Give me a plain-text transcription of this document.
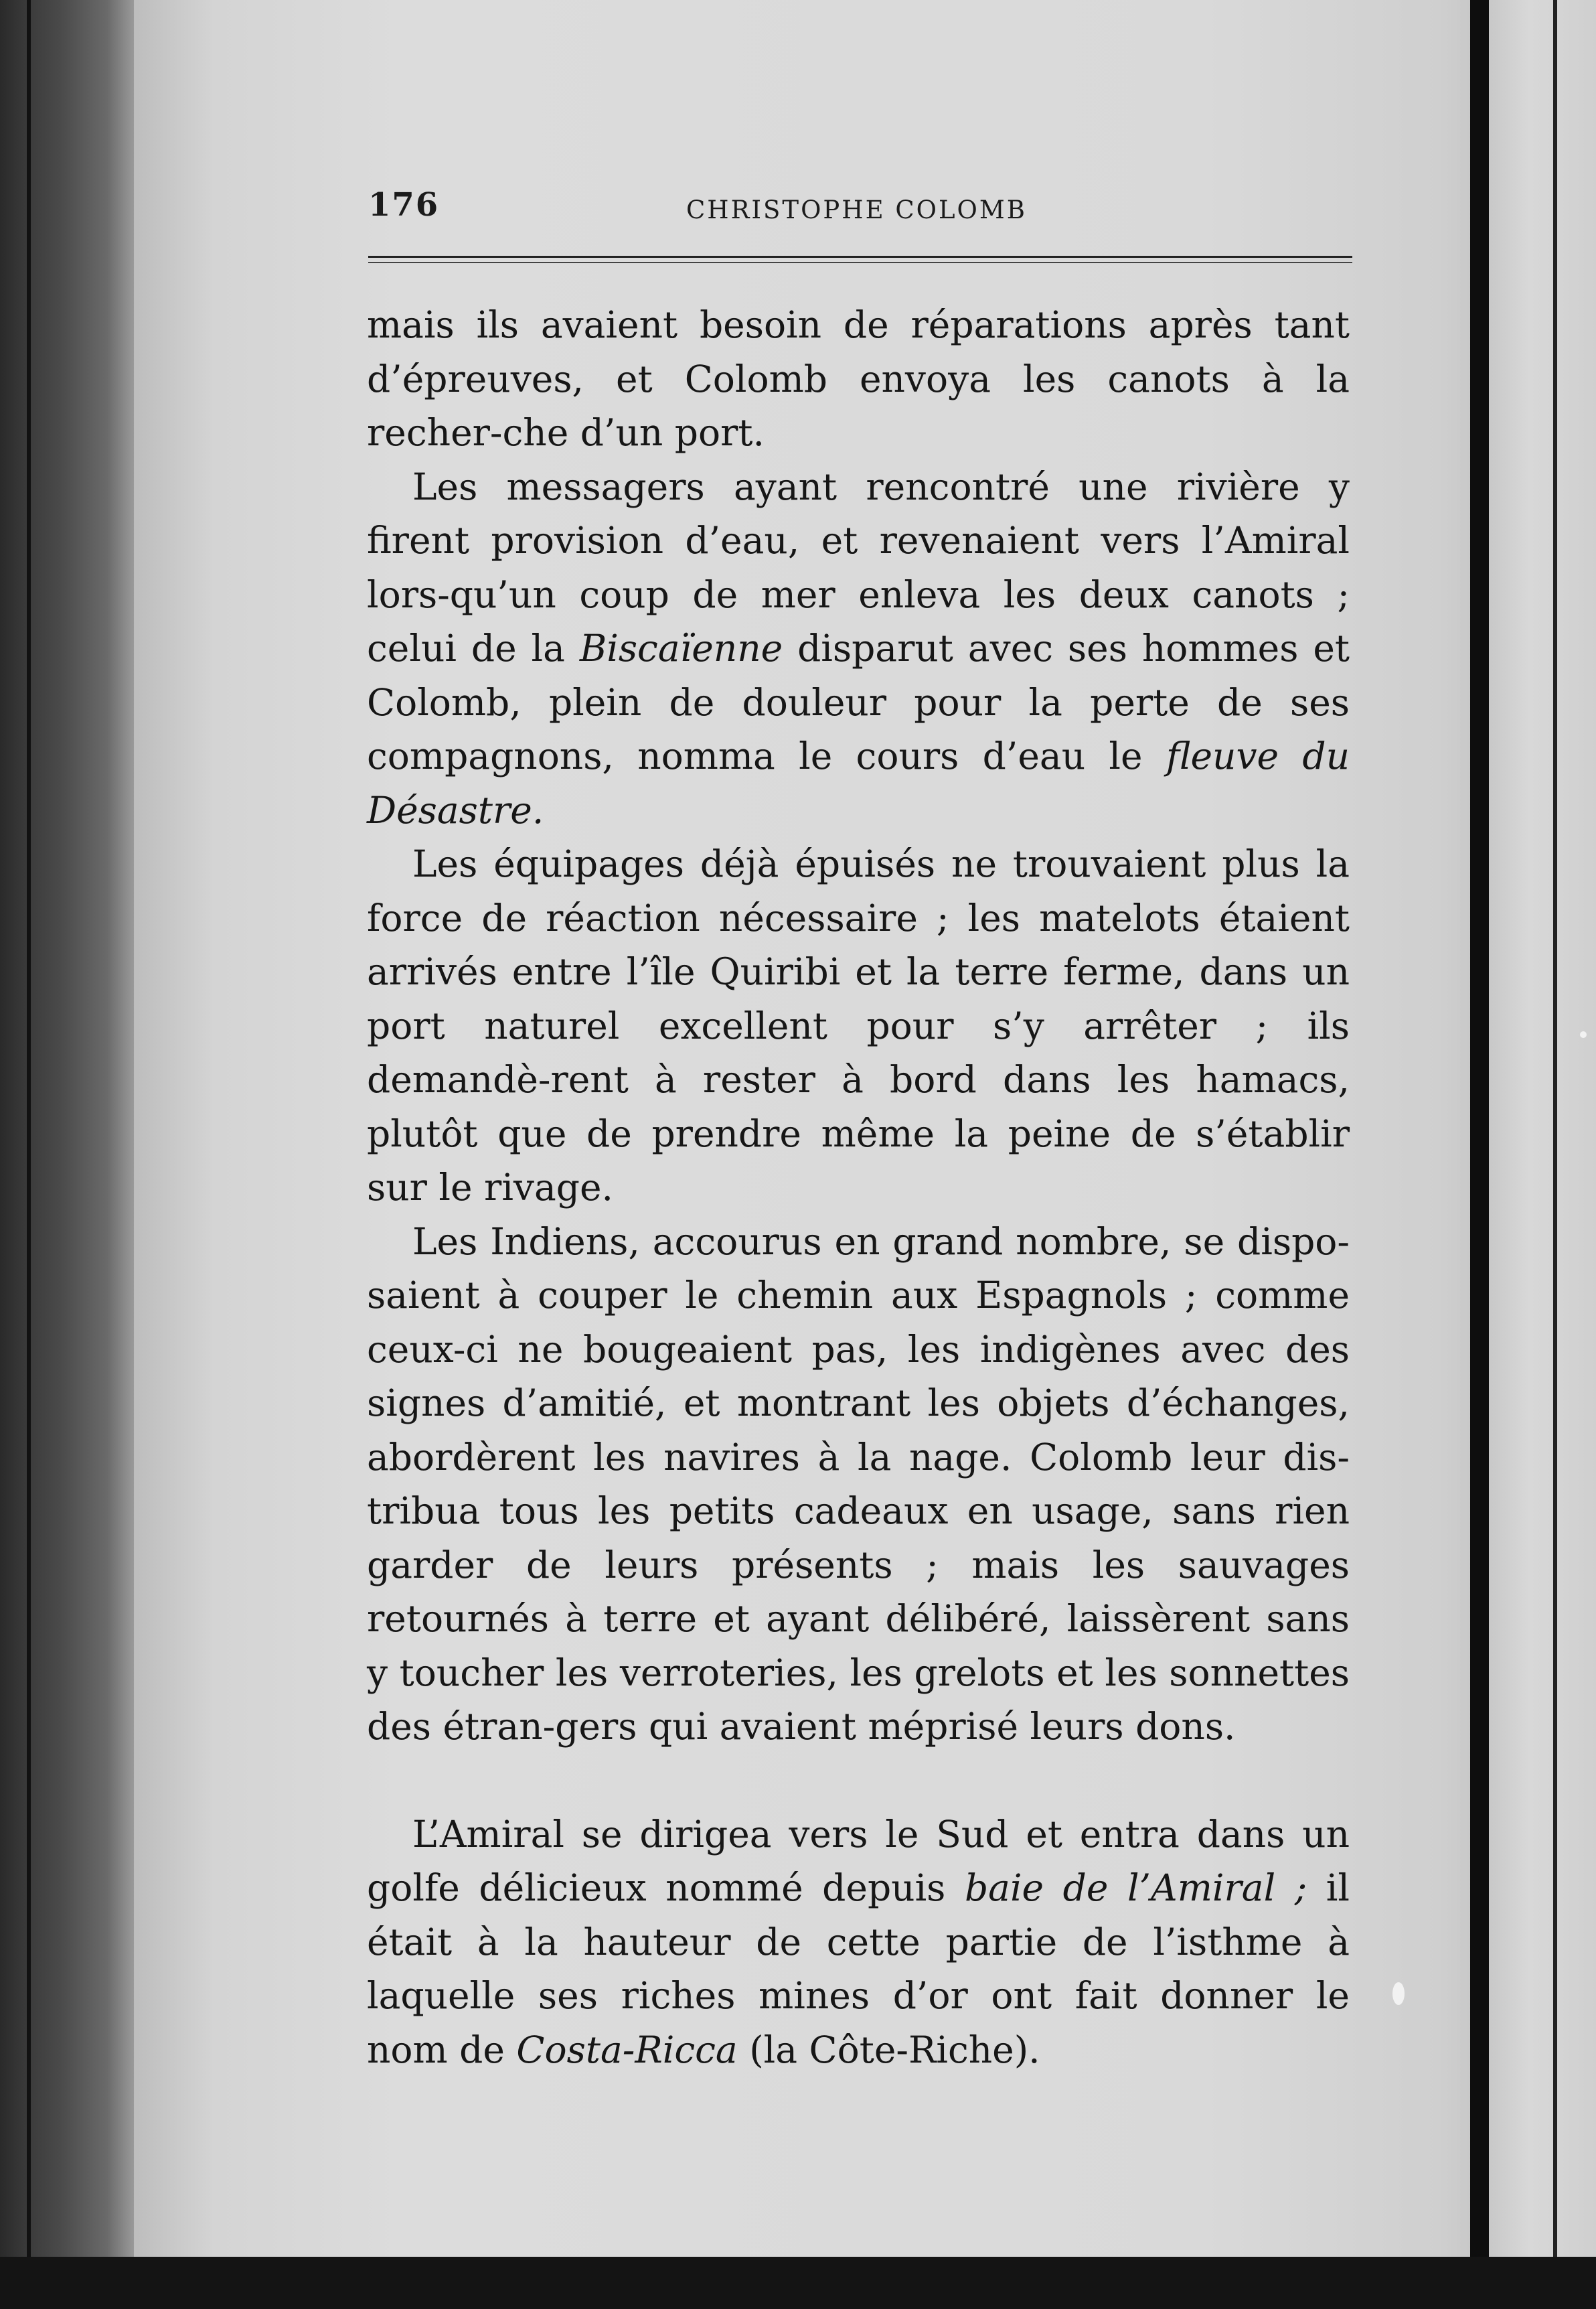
176	CHRISTOPHE COLOMB

mais ils avaient besoin de réparations après tant d’épreuves, et Colomb envoya les canots à la recher-che d’un port.

Les messagers ayant rencontré une rivière y firent provision d’eau, et revenaient vers l’Amiral lors-qu’un coup de mer enleva les deux canots ; celui de la Biscaïenne disparut avec ses hommes et Colomb, plein de douleur pour la perte de ses compagnons, nomma le cours d’eau le fleuve du Désastre.

Les équipages déjà épuisés ne trouvaient plus la force de réaction nécessaire ; les matelots étaient arrivés entre l’île Quiribi et la terre ferme, dans un port naturel excellent pour s’y arrêter ; ils demandè-rent à rester à bord dans les hamacs, plutôt que de prendre même la peine de s’établir sur le rivage.

Les Indiens, accourus en grand nombre, se dispo-saient à couper le chemin aux Espagnols ; comme ceux-ci ne bougeaient pas, les indigènes avec des signes d’amitié, et montrant les objets d’échanges, abordèrent les navires à la nage. Colomb leur dis-tribua tous les petits cadeaux en usage, sans rien garder de leurs présents ; mais les sauvages retournés à terre et ayant délibéré, laissèrent sans y toucher les verroteries, les grelots et les sonnettes des étran-gers qui avaient méprisé leurs dons.

L’Amiral se dirigea vers le Sud et entra dans un golfe délicieux nommé depuis baie de l’Amiral ; il était à la hauteur de cette partie de l’isthme à laquelle ses riches mines d’or ont fait donner le nom de Costa-Ricca (la Côte-Riche).
